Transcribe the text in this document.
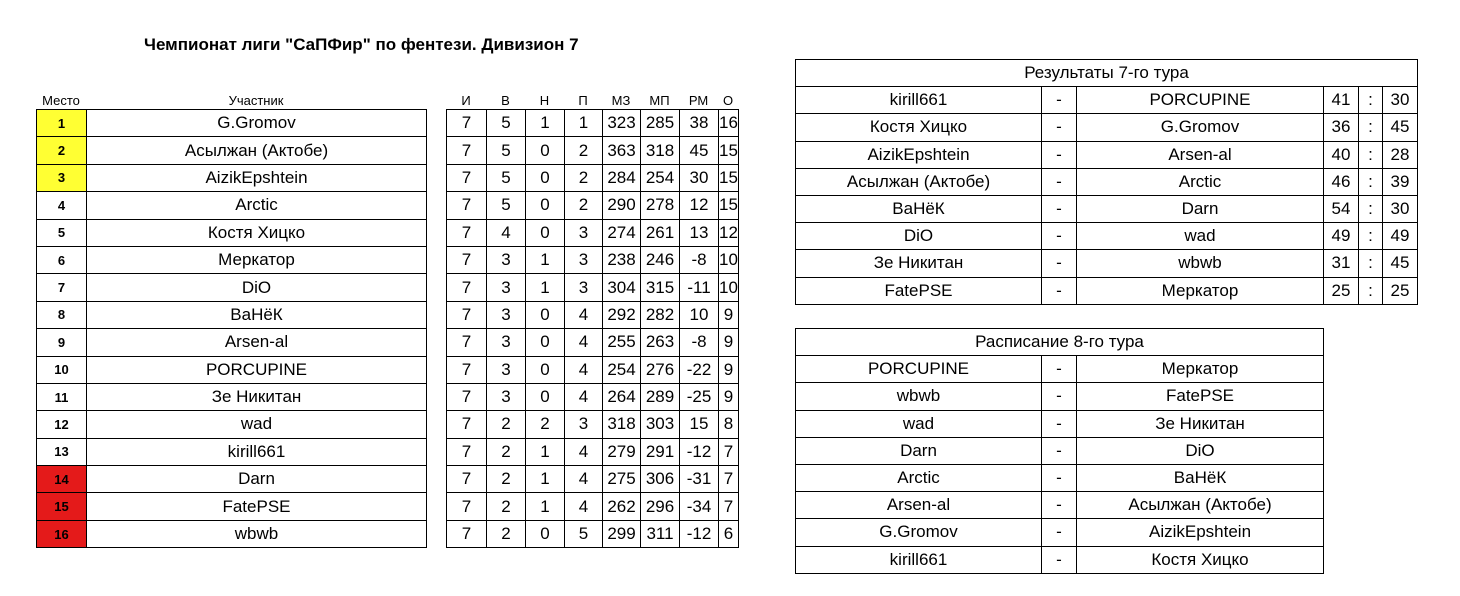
Чемпионат лиги "СаПФир" по фентези. Дивизион 7
Место	Участник		И	В	Н	П	МЗ	МП	РМ	О
1	G.Gromov		7	5	1	1	323	285	38	16
2	Асылжан (Актобе)		7	5	0	2	363	318	45	15
3	AizikEpshtein		7	5	0	2	284	254	30	15
4	Arctic		7	5	0	2	290	278	12	15
5	Костя Хицко		7	4	0	3	274	261	13	12
6	Меркатор		7	3	1	3	238	246	-8	10
7	DiO		7	3	1	3	304	315	-11	10
8	ВаНёК		7	3	0	4	292	282	10	9
9	Arsen-al		7	3	0	4	255	263	-8	9
10	PORCUPINE		7	3	0	4	254	276	-22	9
11	Зе Никитан		7	3	0	4	264	289	-25	9
12	wad		7	2	2	3	318	303	15	8
13	kirill661		7	2	1	4	279	291	-12	7
14	Darn		7	2	1	4	275	306	-31	7
15	FatePSE		7	2	1	4	262	296	-34	7
16	wbwb		7	2	0	5	299	311	-12	6
Результаты 7-го тура					
kirill661	-	PORCUPINE	41	:	30
Костя Хицко	-	G.Gromov	36	:	45
AizikEpshtein	-	Arsen-al	40	:	28
Асылжан (Актобе)	-	Arctic	46	:	39
ВаНёК	-	Darn	54	:	30
DiO	-	wad	49	:	49
Зе Никитан	-	wbwb	31	:	45
FatePSE	-	Меркатор	25	:	25
Расписание 8-го тура		
PORCUPINE	-	Меркатор
wbwb	-	FatePSE
wad	-	Зе Никитан
Darn	-	DiO
Arctic	-	ВаНёК
Arsen-al	-	Асылжан (Актобе)
G.Gromov	-	AizikEpshtein
kirill661	-	Костя Хицко
